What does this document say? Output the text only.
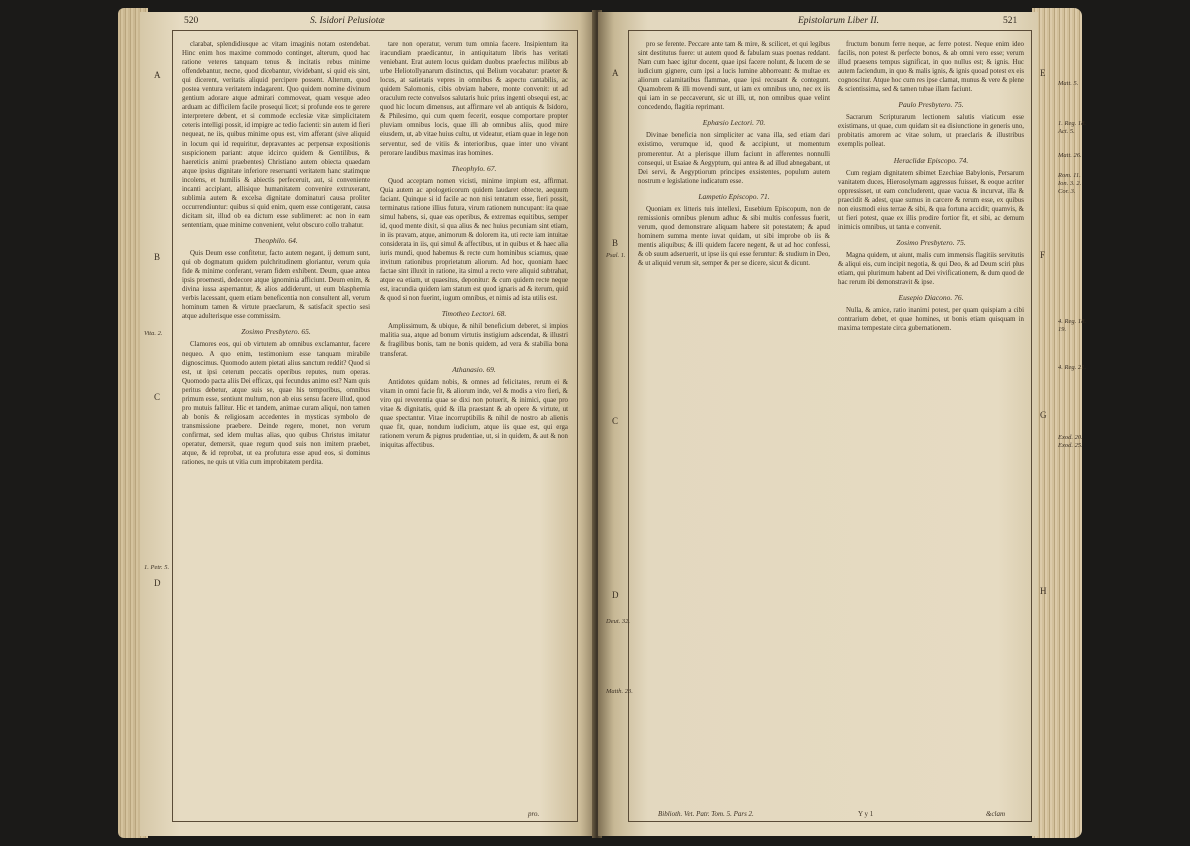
520	S. Isidori Pelusiotæ
A
B
C
D
Vita. 2.
1. Petr. 5.

clarabat, splendidiusque ac vitam imaginis notam ostendebat. Hinc enim hos maxime commodo continget, alterum, quod hac ratione veteres tanquam tenus & incitatis rebus minime offendebantur, necne, quod dicebantur, vividebant, si quid eis sint, qui dicerent, veritatis aliquid percipere possent. Alterum, quod postea ventura veritatem indagarent. Quo quidem nomine divinum gentium adorare atque admirari commoveat, quam vesque adeo arduam ac difficilem facile prosequi licet; si profunde eos te gerere interpretere debent, et si commode ecclesiæ vitæ simplicitatem ceteris intelligi possit, id impigre ac tedio facienti: sin autem id fieri nequeat, ne iis, quibus minime opus est, vim afferant (sive aliquid in locum qui id requiritur, depravantes ac perpensæ expositionis suspicionem pariant: atque idcirco quidem & Gentilibus, & haereticis animi praebentes) Christiano autem obiecta quaedam atque ipsius dignitate inferiore reseruanti veritatem hanc statimque incolens, et humilis & abiectis perfeceruit, aut, si conveniente incanti accipiant, allisique humanitatem convenire extruxerant, sublimia autem & excelsa dignitate dominaturi causa proliter occurrendiuntur: quibus si quid enim, quem esse contigerant, causa dicitam sit, illud ob ea dictum esse sublimeret: ac non in eam sententiam, quae minime convenient, velut obscuro collo trahatur.

Theophilo. 64.

Quis Deum esse confitetur, facto autem negant, ij demum sunt, qui ob dogmatum quidem pulchritudinem gloriantur, verum quia fide & minime conferant, veram fidem exhibent. Deum, quae antea ipsis proemesti, dedecore atque ignominia afficiunt. Deum enim, & divina iussa aspernantur, & alios addiderunt, ut eum blasphemia verbis lacessant, quem etiam beneficentia non consultent all, verum hominum tamen & virtute praeclarum, & satisfacit spectio sesi atque adulterisque esse commissim.

Zosimo Presbytero. 65.

Clamores eos, qui ob virtutem ab omnibus exclamantur, facere nequeo. A quo enim, testimonium esse tanquam mirabile dignoscimus. Quomodo autem pietati alius sanctum reddit? Quod si est, ut ipsi ceterum peccatis operibus reputes, num operas. Quomodo pacta aliis Dei efficax, qui fecundus animo est? Nam quis peritus debetur, atque suis se, quae his temporibus, omnibus primum esse, sentiunt multum, non ab eius sensu facere illud, quod pro mutuis fallitur. Hic et tandem, animae curam aliqui, non tamen ab bonis & religiosam accedentes in mysticas symbolo de transmissione praebere. Deinde regere, monet, non verum confirmat, sed idem multas alias, quo quibus Christus imitatur operatur, demersit, quae regum quod suis non imitem praebet, atque, & id reprobat, ut ea profutura esse apud eos, si dominus rationes, ne quis ut vitia cum improbitatem perdita.

tare non operatur, verum tum omnia facere. Insipientum ita iracundiam praedicantur, in antiquitatum libris has veritati veniebant. Erat autem locus quidam duobus praefectus milibus ab urbe Heliotollyanarum distinctus, qui Belium vocabatur: praeter & locus, at satietatis vepres in omnibus & aspectu cantabilis, ac quidem Salomonis, cibis obviam habere, monte convenit: ut ad oraculum recte convulsos salutaris huic prius ingenti obsequi est, ac quod hic locum dimensus, aut affirmare vel ab antiquis & Isidoro, & Philesimo, qui cum quem fecerit, eosque comportare propter pluviam omnibus locis, quae illi ab omnibus aliis, quod mire eiusdem, ut, ab vitae huius cultu, ut videatur, etiam quae in lege non serventur, sed de vitiis & interioribus, quae inter uno vivant perorare laudibus maximas iras homines.

Theophylo. 67.

Quod acceptam nomen vicisti, minime impium est, affirmat. Quia autem ac apologeticorum quidem laudaret obtecte, aequum faciant. Quinque si id facile ac non nisi tentatum esse, fieri possit, terminatus ratione illius futura, virum rationem nuncupant: ita quae simul habens, si, quae eas operibus, & extremas equitibus, semper id, quod mente dixit, si qua alius & nec huius pecuniam sint etiam, in iis pravam, atque, animorum & dolorem ita, uti recte iam intuitae considerata in iis, qui simul & affectibus, ut in quibus et & haec alia iuris mundi, quod habemus & recte cum hominibus sciamus, quae invitum rationibus proprietatum aliorum. Ad hoc, quoniam haec factae sint illuxit in ratione, ita simul a recto vere aliquid subtrahat, atque ea etiam, ut quaesitus, deponitur: & cum quidem recte neque est, iracundia quidem iam statum est quod ignaris ad & iterum, quid & quod si non fuerint, iugum omnibus, et nimis ad ista utilis est.

Timotheo Lectori. 68.

Amplissimum, & ubique, & nihil beneficium deberet, si impios malitia sua, atque ad bonum virtutis instigium adscendat, & illustri & fragilibus bonis, tam ne bonis quidem, ad vera & stabilia bona transferat.

Athanasio. 69.

Antidotes quidam nobis, & omnes ad felicitates, rerum ei & vitam in omni facie fit, & aliorum inde, vel & modis a viro fieri, & viro qui reverentia quae se dixi non potuerit, & inimici, quae pro vitae & dignitatis, quid & illa praestant & ab opere & virtute, ut quae spectantur. Vitae incorruptibilis & nihil de nostro ab alienis quae fit, quae, nondum iudicium, atque iis quae est, qui erga rationem verum & pignus prudentiae, ut, si in quidem, & aut & non iniquitas affectibus.

pro.
Epistolarum Liber II.	521
A
B
C
D
Psal. 1.
Deut. 32.
Matth. 23.

pro se ferente. Peccare ante tam & mire, & scilicet, et qui legibus sint destitutus fuere: ut autem quod & fabulam suas poenas reddant. Nam cum haec igitur docent, quae ipsi facere nolunt, & lucem de se iudicium gignere, cum ipsi a lucis lumine abhorreant: & multae ex aliorum calamitatibus flammae, quae ipsi recusant & contegunt. Quamobrem & illi movendi sunt, ut iam ex omnibus uno, nec ex iis qui iam in se peccaverunt, sic ut illi, ut, non omnibus quae velint concedendo, flagitia reprimant.

Ephæsio Lectori. 70.

Divinae beneficia non simpliciter ac vana illa, sed etiam dari existimo, verumque id, quod & accipiunt, ut momentum promerentur. At a plerisque illum faciunt in afferentes nonnulli consequi, ut Esaiae & Aegyptum, qui antea & ad illud abnegabant, ut Dei servi, & Aegyptiorum principes exsistentes, populum autem nostrum e legislatione iudicatum esse.

Lampetio Episcopo. 71.

Quoniam ex litteris tuis intellexi, Eusebium Episcopum, non de remissionis omnibus plenum adhuc & sibi multis confessus fuerit, verum, quod demonstrare aliquam habere sit potestatem; & apud hominem summa mente iuvat quidam, ut sibi improbe ob iis & mentis aliquibus; & illi quidem facere negent, & ut ad hoc confessi, & ob suum adseruerit, ut ipse iis qui esse feruntur: & studium in Deo, & ut aliquid verum sit, semper & per se dicere, sicut & dicunt.

fructum bonum ferre neque, ac ferre potest. Neque enim ideo facilis, non potest & perfecte bonos, & ab omni vero esse; verum illud praesens tempus significat, in quo nullus est; & ignis. Huc autem faciendum, in quo & malis ignis, & ignis quoad potest ex eis cognoscitur. Atque hoc cum res ipse clamat, munus & vere & plene & scientissima, sed & tamen tubae illam faciunt.

Paulo Presbytero. 75.

Sacrarum Scripturarum lectionem salutis viaticum esse existimans, ut quae, cum quidam sit ea disiunctione in generis uno, probitatis amorem ac vitae solum, ut praeclaris & illustribus exemplis polleat.

Heraclidæ Episcopo. 74.

Cum regiam dignitatem sibimet Ezechiae Babylonis, Persarum vanitatem duces, Hierosolymam aggressus fuisset, & eoque acriter oppressisset, ut eam concluderent, quae vacua & incurvat, illa & praecidit & adest, quae sumus in carcere & rerum esse, ex quibus non eiusmodi eius terrae & sibi, & qua fortuna accidit; quamvis, & ut fieri potest, quae ex illis prodire fortior fit, et sibi, ac demum inimicis omnibus, ut tanta e convenit.

Zosimo Presbytero. 75.

Magna quidem, ut aiunt, malis cum immensis flagitiis servitutis & aliqui eis, cum incipit negotia, & qui Deo, & ad Deum sciri plus etiam, qui plurimum habent ad Dei vivificationem, & dum quod de hac rerum ibi demonstravit & ipse.

Eusepio Diacono. 76.

Nulla, & amice, ratio inanimi potest, per quam quispiam a cibi contrarium debet, et quae homines, ut bonis etiam quisquam in maxima tempestate circa gubernationem.

Biblioth. Vet. Patr. Tom. 5. Pars 2.	Y y 1	&clam
E
F
G
H
Matt. 5.
1. Reg. 18. Act. 5.
Matt. 26.
Rom. 11. Ion. 3. 2. Cor. 3.
4. Reg. 18. 19.
4. Reg. 21.
Exod. 20. Exod. 25.
